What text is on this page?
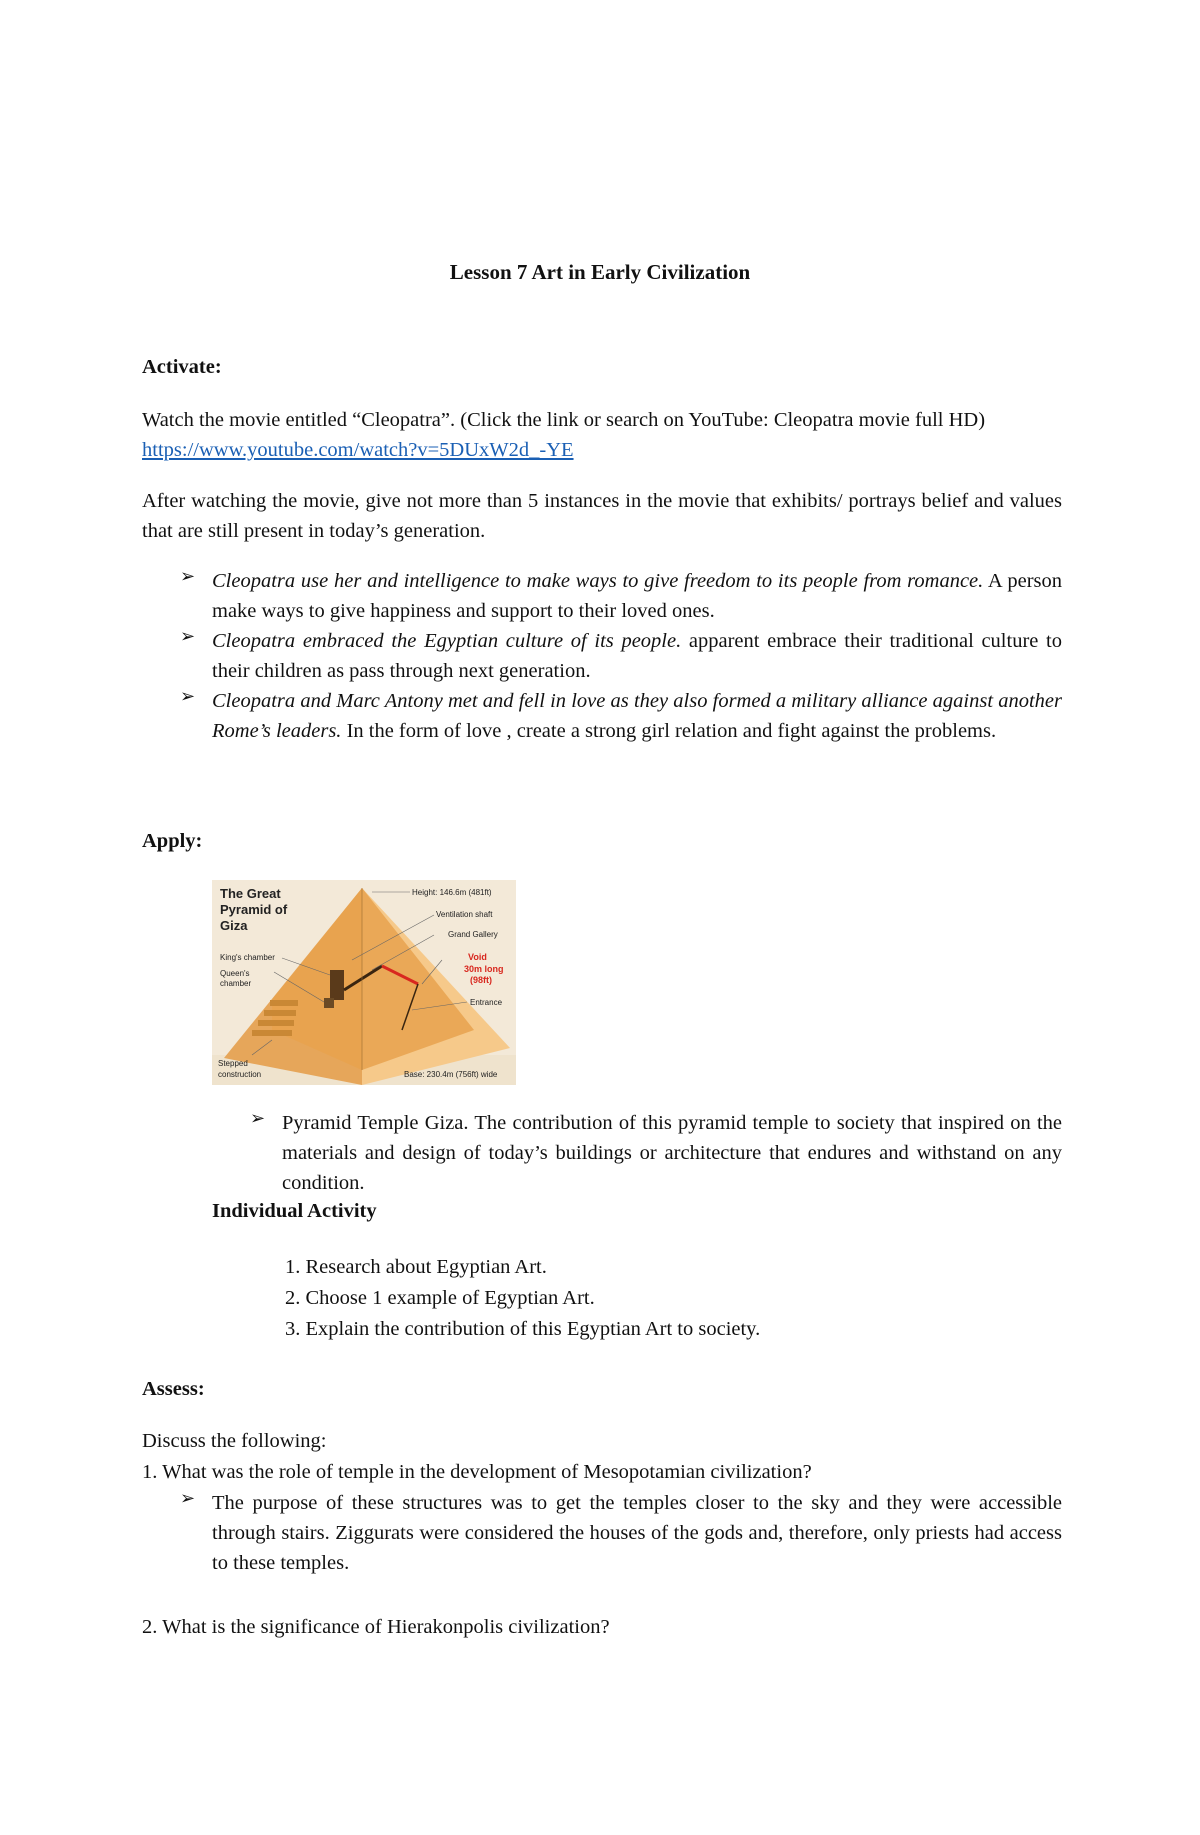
Lesson 7 Art in Early Civilization
Activate:
Watch the movie entitled “Cleopatra”. (Click the link or search on YouTube: Cleopatra movie full HD) https://www.youtube.com/watch?v=5DUxW2d_-YE
After watching the movie, give not more than 5 instances in the movie that exhibits/ portrays belief and values that are still present in today’s generation.
➢ Cleopatra use her and intelligence to make ways to give freedom to its people from romance. A person make ways to give happiness and support to their loved ones.
➢ Cleopatra embraced the Egyptian culture of its people. apparent embrace their traditional culture to their children as pass through next generation.
➢ Cleopatra and Marc Antony met and fell in love as they also formed a military alliance against another Rome’s leaders. In the form of love , create a strong girl relation and fight against the problems.
Apply:
The Great
Pyramid of
Giza
Height: 146.6m (481ft)
Ventilation shaft
Grand Gallery
King's chamber
Queen's
chamber
Void
30m long
(98ft)
Entrance
Stepped
construction	Base: 230.4m (756ft) wide
➢ Pyramid Temple Giza. The contribution of this pyramid temple to society that inspired on the materials and design of today’s buildings or architecture that endures and withstand on any condition.
Individual Activity
1. Research about Egyptian Art.
2. Choose 1 example of Egyptian Art.
3. Explain the contribution of this Egyptian Art to society.
Assess:
Discuss the following:
1. What was the role of temple in the development of Mesopotamian civilization?
➢ The purpose of these structures was to get the temples closer to the sky and they were accessible through stairs. Ziggurats were considered the houses of the gods and, therefore, only priests had access to these temples.
2. What is the significance of Hierakonpolis civilization?
